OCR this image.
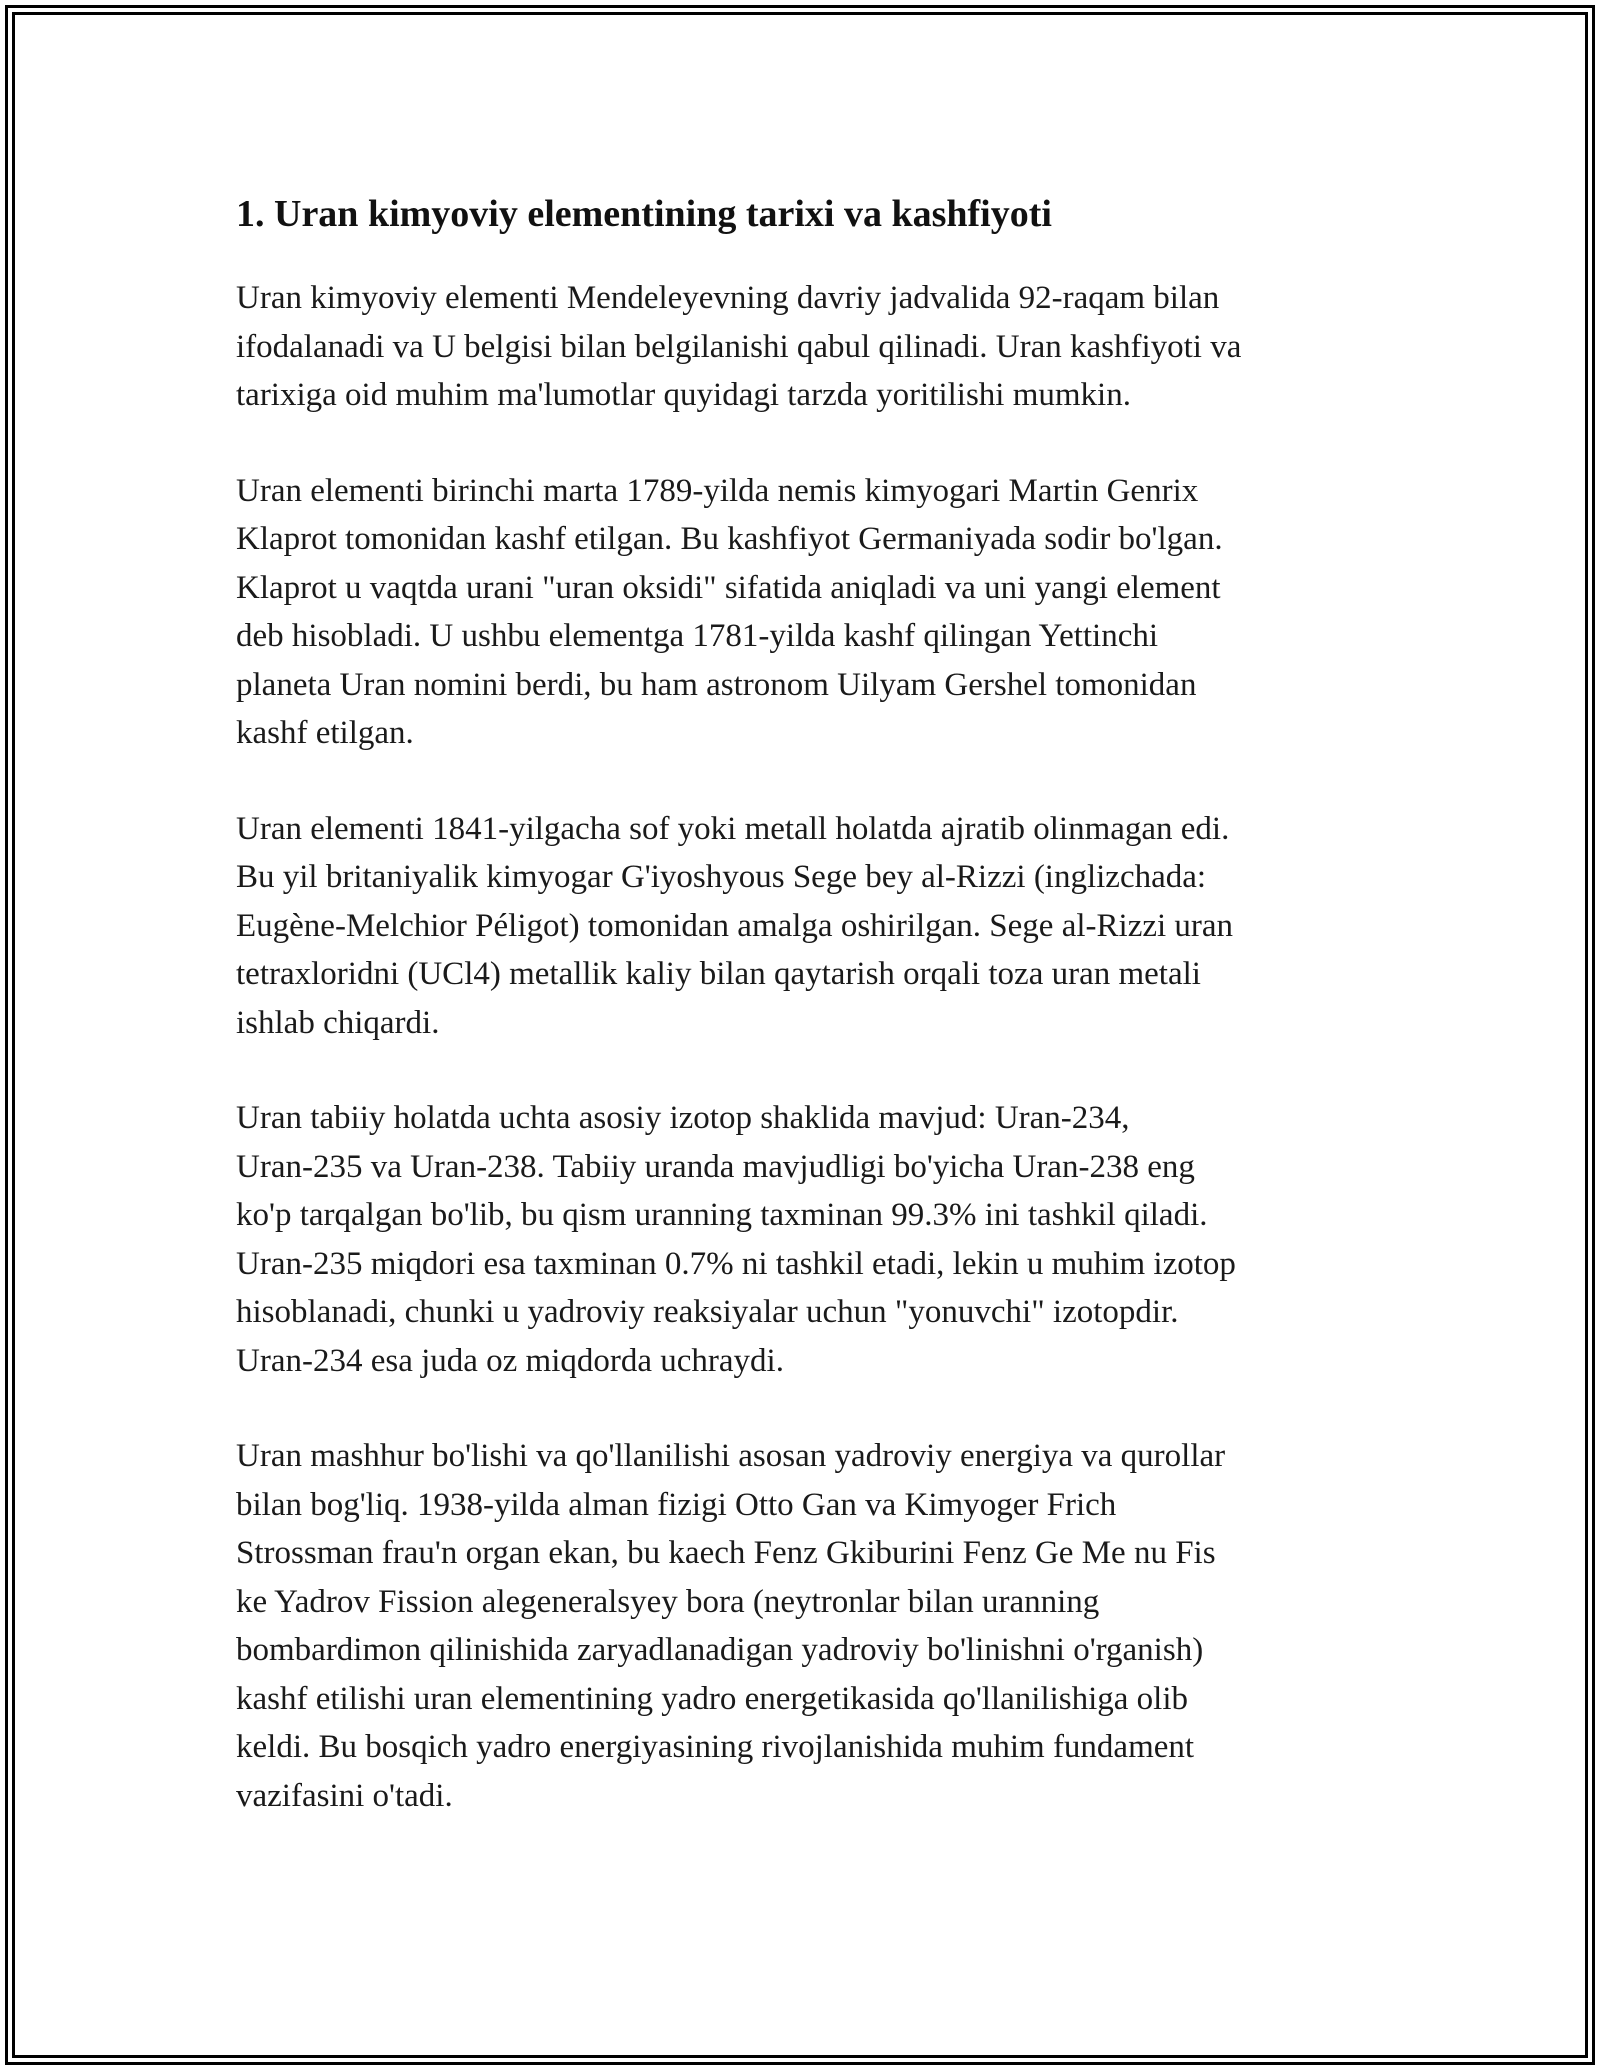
1. Uran kimyoviy elementining tarixi va kashfiyoti

Uran kimyoviy elementi Mendeleyevning davriy jadvalida 92-raqam bilan
ifodalanadi va U belgisi bilan belgilanishi qabul qilinadi. Uran kashfiyoti va
tarixiga oid muhim ma'lumotlar quyidagi tarzda yoritilishi mumkin.

Uran elementi birinchi marta 1789-yilda nemis kimyogari Martin Genrix
Klaprot tomonidan kashf etilgan. Bu kashfiyot Germaniyada sodir bo'lgan.
Klaprot u vaqtda urani "uran oksidi" sifatida aniqladi va uni yangi element
deb hisobladi. U ushbu elementga 1781-yilda kashf qilingan Yettinchi
planeta Uran nomini berdi, bu ham astronom Uilyam Gershel tomonidan
kashf etilgan.

Uran elementi 1841-yilgacha sof yoki metall holatda ajratib olinmagan edi.
Bu yil britaniyalik kimyogar G'iyoshyous Sege bey al-Rizzi (inglizchada:
Eugène-Melchior Péligot) tomonidan amalga oshirilgan. Sege al-Rizzi uran
tetraxloridni (UCl4) metallik kaliy bilan qaytarish orqali toza uran metali
ishlab chiqardi.

Uran tabiiy holatda uchta asosiy izotop shaklida mavjud: Uran-234,
Uran-235 va Uran-238. Tabiiy uranda mavjudligi bo'yicha Uran-238 eng
ko'p tarqalgan bo'lib, bu qism uranning taxminan 99.3% ini tashkil qiladi.
Uran-235 miqdori esa taxminan 0.7% ni tashkil etadi, lekin u muhim izotop
hisoblanadi, chunki u yadroviy reaksiyalar uchun "yonuvchi" izotopdir.
Uran-234 esa juda oz miqdorda uchraydi.

Uran mashhur bo'lishi va qo'llanilishi asosan yadroviy energiya va qurollar
bilan bog'liq. 1938-yilda alman fizigi Otto Gan va Kimyoger Frich
Strossman frau'n organ ekan, bu kaech Fenz Gkiburini Fenz Ge Me nu Fis
ke Yadrov Fission alegeneralsyey bora (neytronlar bilan uranning
bombardimon qilinishida zaryadlanadigan yadroviy bo'linishni o'rganish)
kashf etilishi uran elementining yadro energetikasida qo'llanilishiga olib
keldi. Bu bosqich yadro energiyasining rivojlanishida muhim fundament
vazifasini o'tadi.
